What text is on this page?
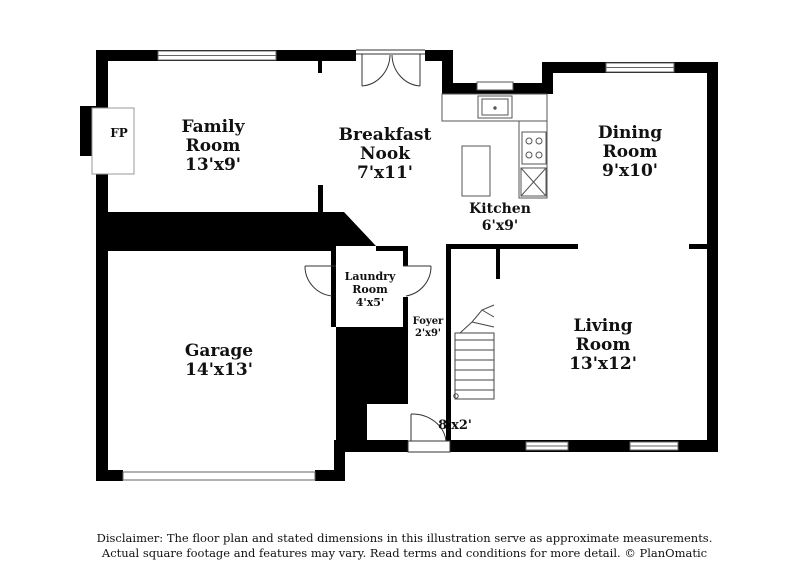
FP	Family
Room
13'x9'
Breakfast
Nook
7'x11'
Kitchen
6'x9'
Dining
Room
9'x10'
Laundry
Room
4'x5'
Garage
14'x13'
Foyer
2'x9'	Living
Room
13'x12'
8'x2'
Disclaimer: The floor plan and stated dimensions in this illustration serve as approximate measurements.
Actual square footage and features may vary. Read terms and conditions for more detail. © PlanOmatic
